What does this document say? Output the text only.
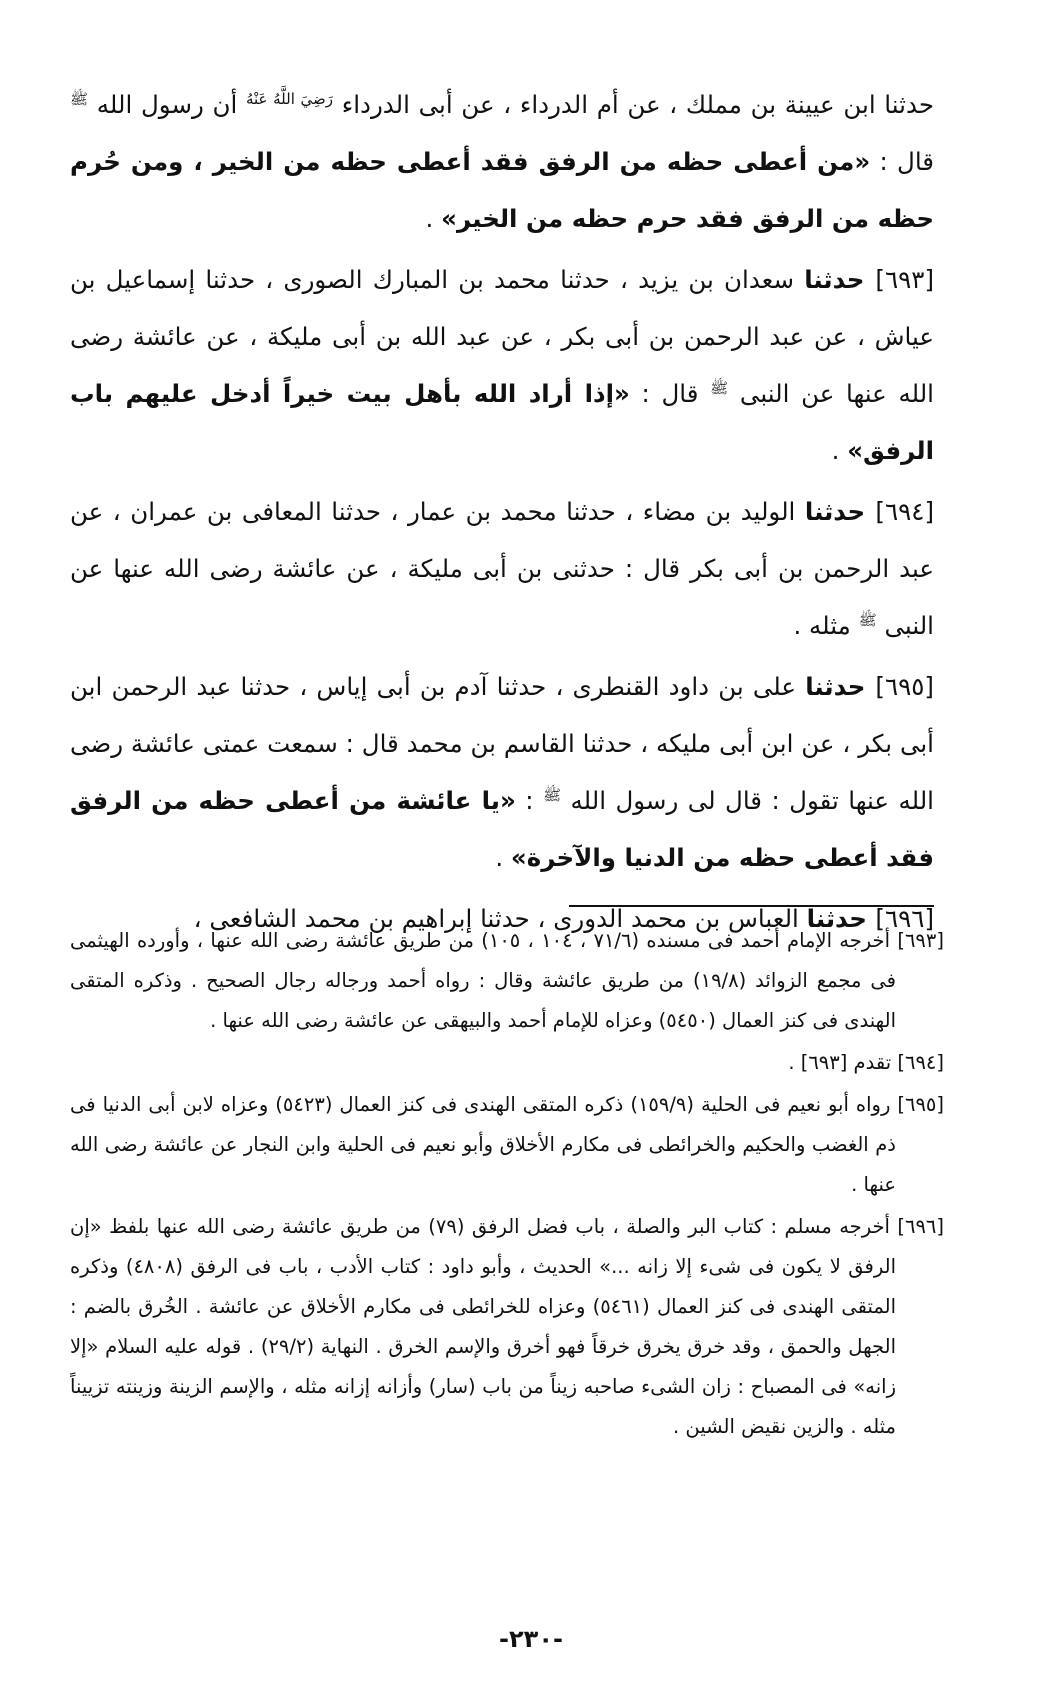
حدثنا ابن عيينة بن مملك ، عن أم الدرداء ، عن أبى الدرداء $^{رَضِيَ اللَّهُ عَنْهُ}$ أن رسول الله $^ﷺ$ قال : «من أعطى حظه من الرفق فقد أعطى حظه من الخير ، ومن حُرم حظه من الرفق فقد حرم حظه من الخير» .

[٦٩٣] حدثنا سعدان بن يزيد ، حدثنا محمد بن المبارك الصورى ، حدثنا إسماعيل بن عياش ، عن عبد الرحمن بن أبى بكر ، عن عبد الله بن أبى مليكة ، عن عائشة رضى الله عنها عن النبى $^ﷺ$ قال : «إذا أراد الله بأهل بيت خيراً أدخل عليهم باب الرفق» .

[٦٩٤] حدثنا الوليد بن مضاء ، حدثنا محمد بن عمار ، حدثنا المعافى بن عمران ، عن عبد الرحمن بن أبى بكر قال : حدثنى بن أبى مليكة ، عن عائشة رضى الله عنها عن النبى $^ﷺ$ مثله .

[٦٩٥] حدثنا على بن داود القنطرى ، حدثنا آدم بن أبى إياس ، حدثنا عبد الرحمن ابن أبى بكر ، عن ابن أبى مليكه ، حدثنا القاسم بن محمد قال : سمعت عمتى عائشة رضى الله عنها تقول : قال لى رسول الله $^ﷺ$ : «يا عائشة من أعطى حظه من الرفق فقد أعطى حظه من الدنيا والآخرة» .

[٦٩٦] حدثنا العباس بن محمد الدورى ، حدثنا إبراهيم بن محمد الشافعى ،

[٦٩٣] أخرجه الإمام أحمد فى مسنده (٧١/٦ ، ١٠٤ ، ١٠٥) من طريق عائشة رضى الله عنها ، وأورده الهيثمى فى مجمع الزوائد (١٩/٨) من طريق عائشة وقال : رواه أحمد ورجاله رجال الصحيح . وذكره المتقى الهندى فى كنز العمال (٥٤٥٠) وعزاه للإمام أحمد والبيهقى عن عائشة رضى الله عنها .

[٦٩٤] تقدم [٦٩٣] .

[٦٩٥] رواه أبو نعيم فى الحلية (١٥٩/٩) ذكره المتقى الهندى فى كنز العمال (٥٤٢٣) وعزاه لابن أبى الدنيا فى ذم الغضب والحكيم والخرائطى فى مكارم الأخلاق وأبو نعيم فى الحلية وابن النجار عن عائشة رضى الله عنها .

[٦٩٦] أخرجه مسلم : كتاب البر والصلة ، باب فضل الرفق (٧٩) من طريق عائشة رضى الله عنها بلفظ «إن الرفق لا يكون فى شىء إلا زانه ...» الحديث ، وأبو داود : كتاب الأدب ، باب فى الرفق (٤٨٠٨) وذكره المتقى الهندى فى كنز العمال (٥٤٦١) وعزاه للخرائطى فى مكارم الأخلاق عن عائشة . الخُرق بالضم : الجهل والحمق ، وقد خرق يخرق خرقاً فهو أخرق والإسم الخرق . النهاية (٢٩/٢) . قوله عليه السلام «إلا زانه» فى المصباح : زان الشىء صاحبه زيناً من باب (سار) وأزانه إزانه مثله ، والإسم الزينة وزينته تزييناً مثله . والزين نقيض الشين .

-٢٣٠-
